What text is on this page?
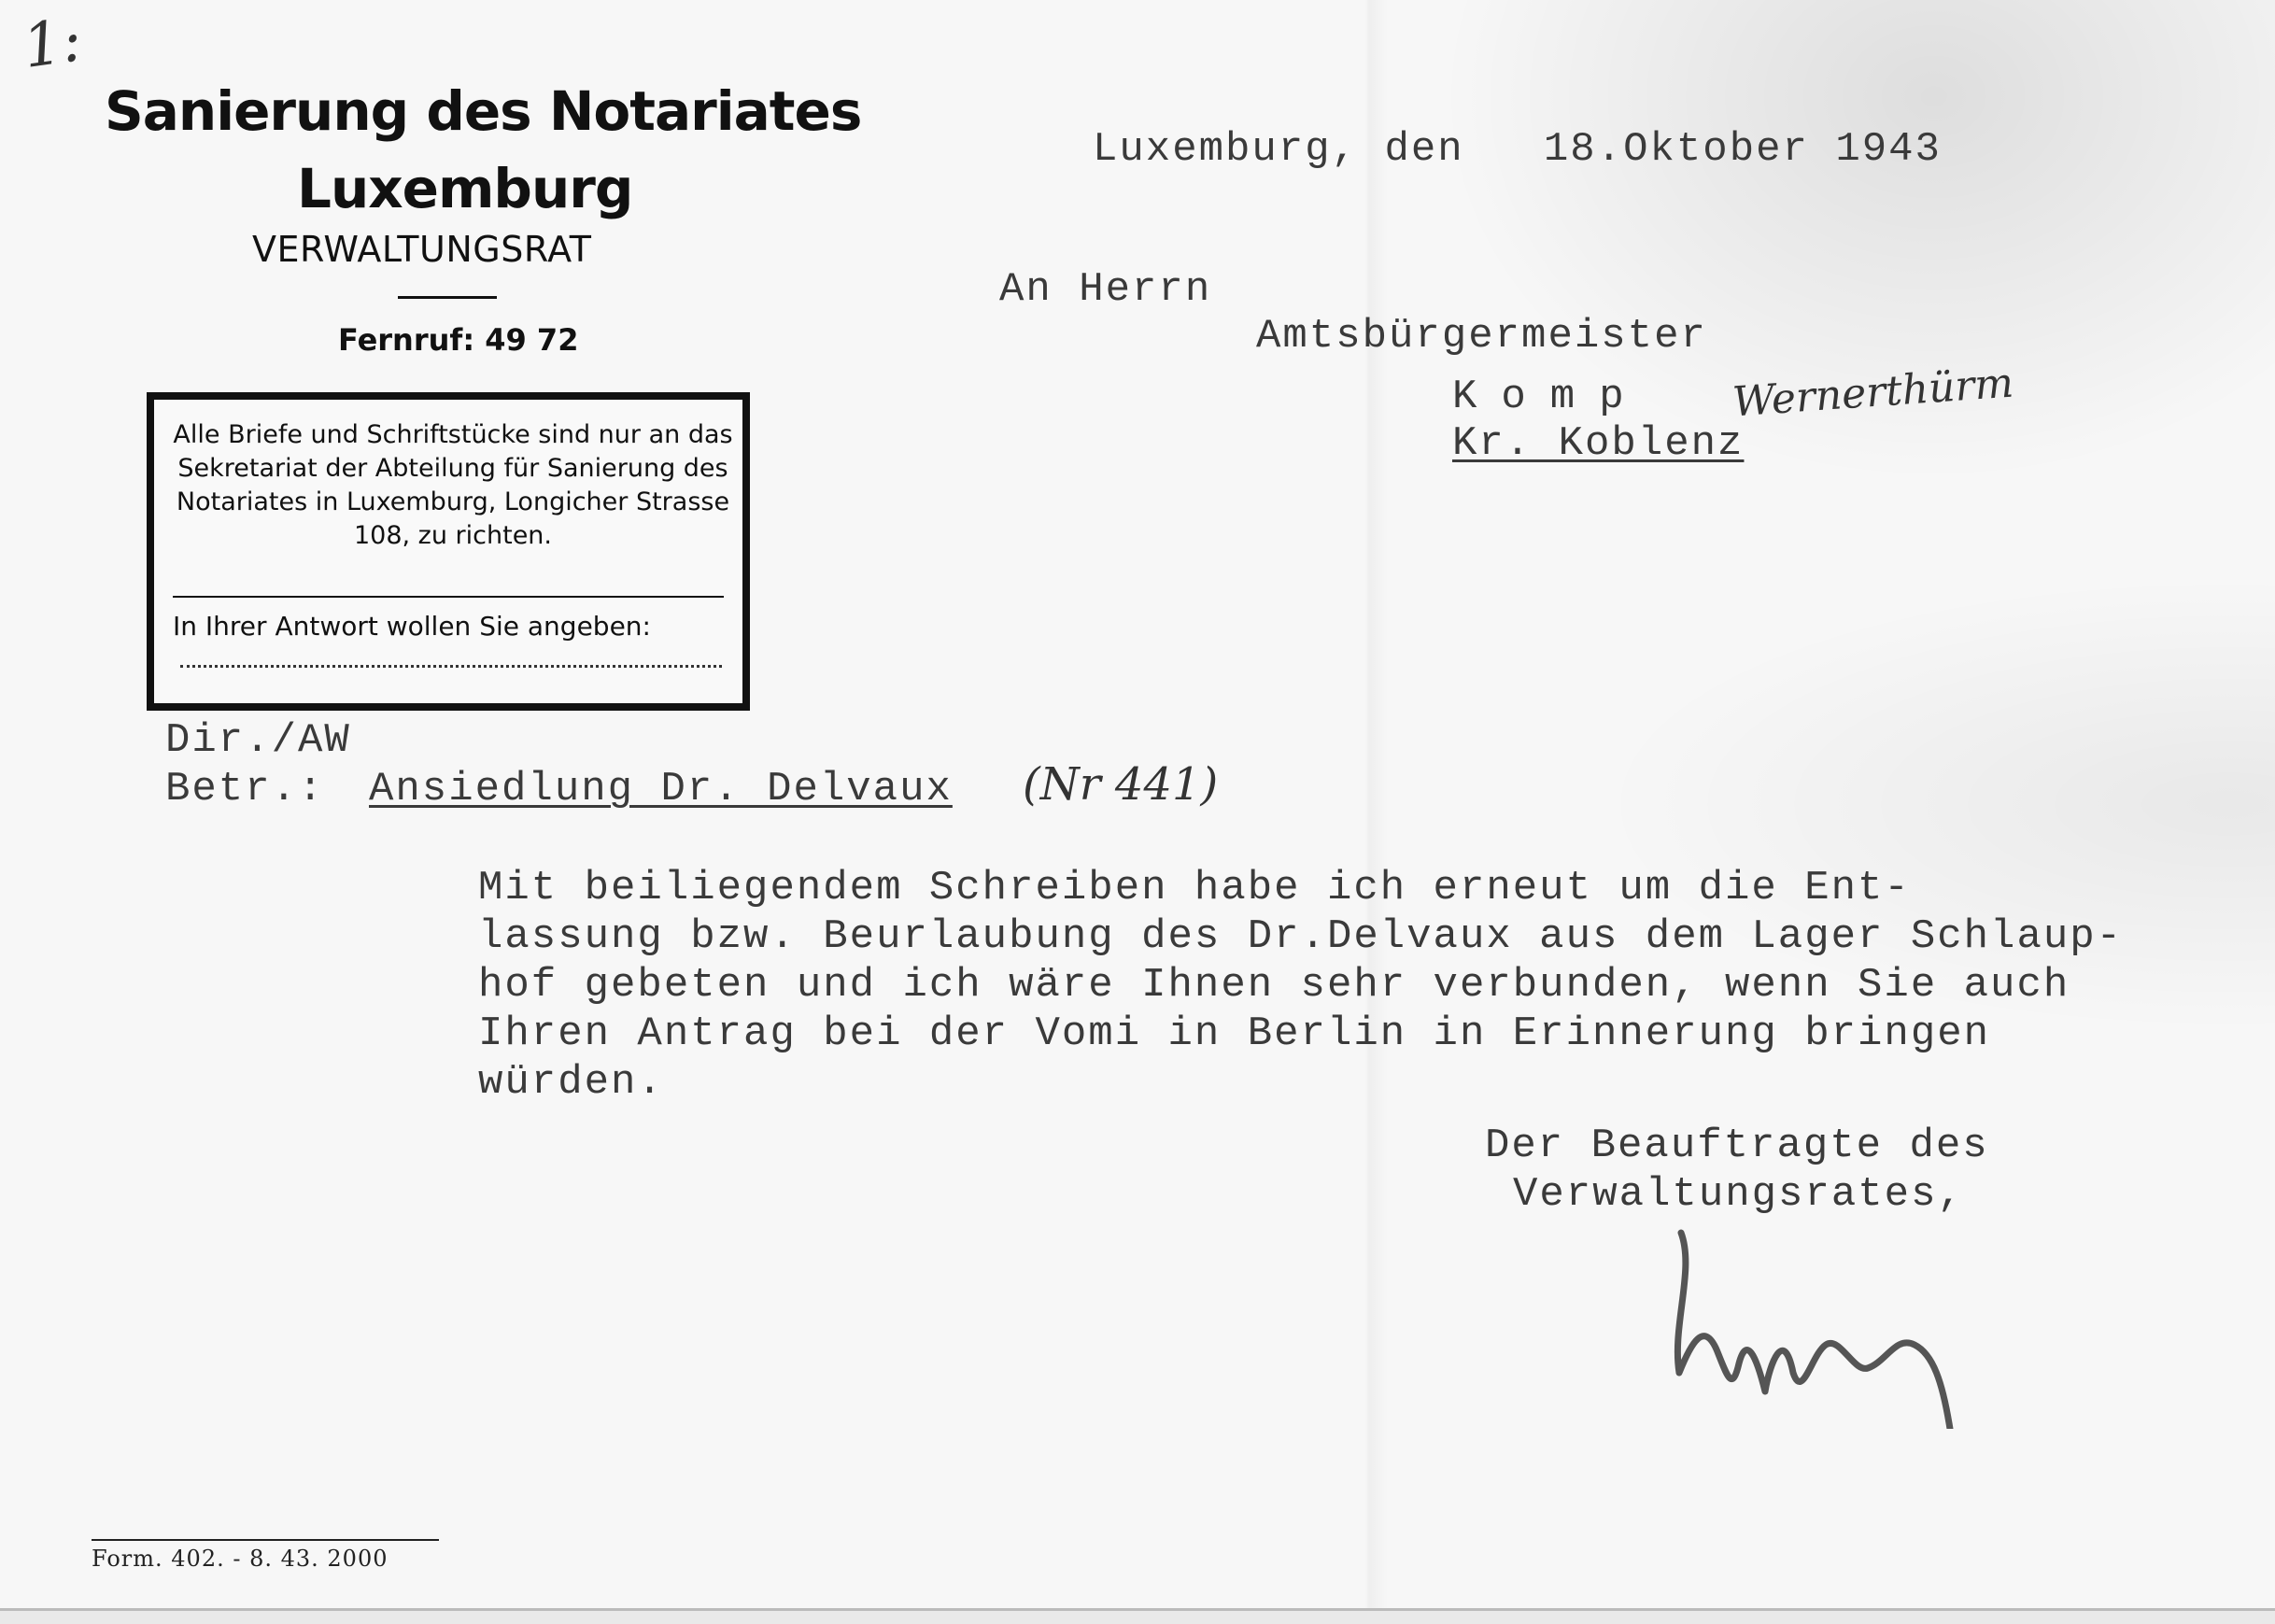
1:
Sanierung des Notariates
Luxemburg
VERWALTUNGSRAT
Fernruf: 49 72
Alle Briefe und Schriftstücke sind nur an das Sekretariat der Abteilung für Sanierung des Notariates in Luxemburg, Longicher Strasse 108, zu richten.
In Ihrer Antwort wollen Sie angeben:
Luxemburg, den   18.Oktober 1943
An Herrn
Amtsbürgermeister
Komp
Kr. Koblenz
Wernerthürm
Dir./AW
Betr.: Ansiedlung Dr. Delvaux (Nr 441)
Mit beiliegendem Schreiben habe ich erneut um die Ent-
lassung bzw. Beurlaubung des Dr.Delvaux aus dem Lager Schlaup-
hof gebeten und ich wäre Ihnen sehr verbunden, wenn Sie auch
Ihren Antrag bei der Vomi in Berlin in Erinnerung bringen
würden.
Der Beauftragte des
Verwaltungsrates,
Form. 402. - 8. 43. 2000
